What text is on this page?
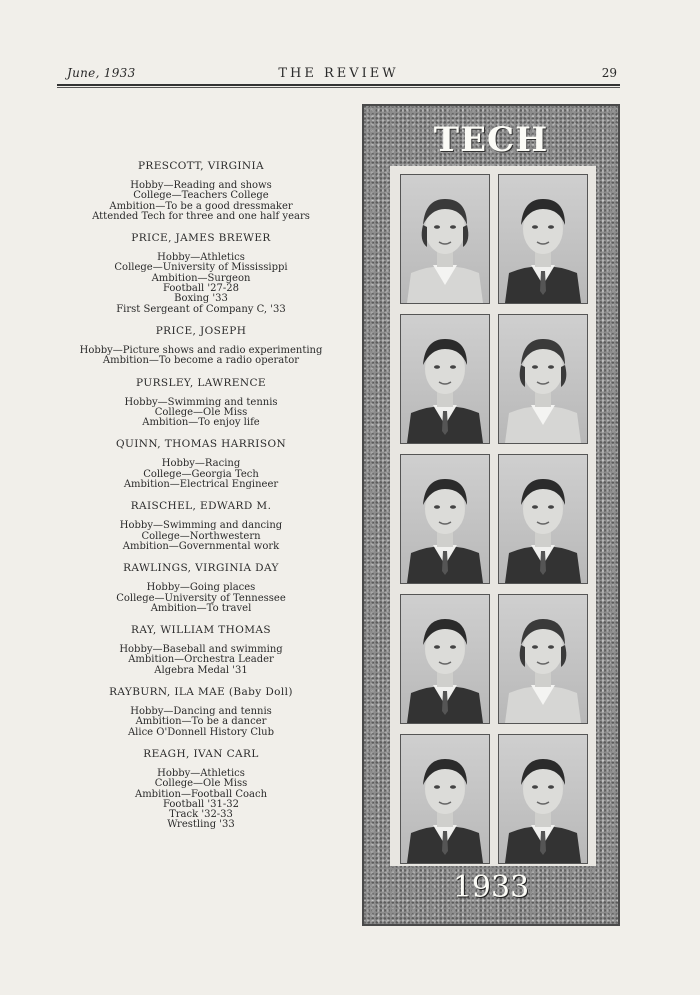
June, 1933	THE REVIEW	29
PRESCOTT, VIRGINIA
Hobby—Reading and shows
College—Teachers College
Ambition—To be a good dressmaker
Attended Tech for three and one half years
PRICE, JAMES BREWER
Hobby—Athletics
College—University of Mississippi
Ambition—Surgeon
Football '27-28
Boxing '33
First Sergeant of Company C, '33
PRICE, JOSEPH
Hobby—Picture shows and radio experimenting
Ambition—To become a radio operator
PURSLEY, LAWRENCE
Hobby—Swimming and tennis
College—Ole Miss
Ambition—To enjoy life
QUINN, THOMAS HARRISON
Hobby—Racing
College—Georgia Tech
Ambition—Electrical Engineer
RAISCHEL, EDWARD M.
Hobby—Swimming and dancing
College—Northwestern
Ambition—Governmental work
RAWLINGS, VIRGINIA DAY
Hobby—Going places
College—University of Tennessee
Ambition—To travel
RAY, WILLIAM THOMAS
Hobby—Baseball and swimming
Ambition—Orchestra Leader
Algebra Medal '31
RAYBURN, ILA MAE (Baby Doll)
Hobby—Dancing and tennis
Ambition—To be a dancer
Alice O'Donnell History Club
REAGH, IVAN CARL
Hobby—Athletics
College—Ole Miss
Ambition—Football Coach
Football '31-32
Track '32-33
Wrestling '33
TECH
1933
